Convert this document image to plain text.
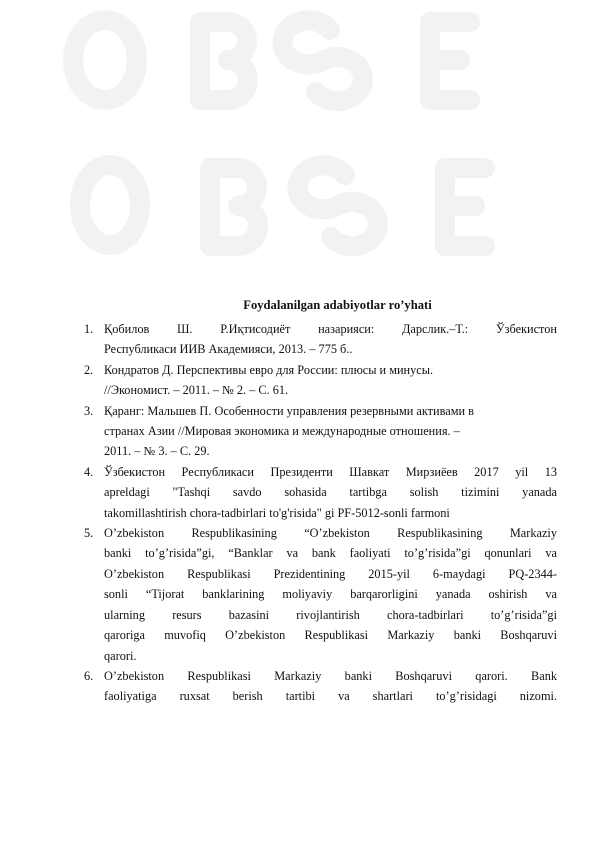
Foydalanilgan adabiyotlar ro’yhati
1. Қобилов Ш. Р.Иқтисодиёт назарияси: Дарслик.–Т.: Ўзбекистон
Республикаси ИИВ Академияси, 2013. – 775 б..
2. Кондратов Д. Перспективы евро для России: плюсы и минусы.
//Экономист. – 2011. – № 2. – С. 61.
3. Қаранг: Мальшев П. Особенности управления резервными активами в
странах Азии //Мировая экономика и международные отношения. –
2011. – № 3. – С. 29.
4. Ўзбекистон Республикаси Президенти Шавкат Мирзиёев 2017 yil 13
apreldagi "Tashqi savdo sohasida tartibga solish tizimini yanada
takomillashtirish chora-tadbirlari to'g'risida" gi PF-5012-sonli farmoni
5. O’zbekiston Respublikasining “O’zbekiston Respublikasining Markaziy
banki to’g’risida”gi, “Banklar va bank faoliyati to’g’risida”gi qonunlari va
O’zbekiston Respublikasi Prezidentining 2015-yil 6-maydagi PQ-2344-
sonli “Tijorat banklarining moliyaviy barqarorligini yanada oshirish va
ularning resurs bazasini rivojlantirish chora-tadbirlari to’g’risida”gi
qaroriga muvofiq O’zbekiston Respublikasi Markaziy banki Boshqaruvi
qarori.
6. O’zbekiston Respublikasi Markaziy banki Boshqaruvi qarori. Bank
faoliyatiga ruxsat berish tartibi va shartlari to’g’risidagi nizomi.
